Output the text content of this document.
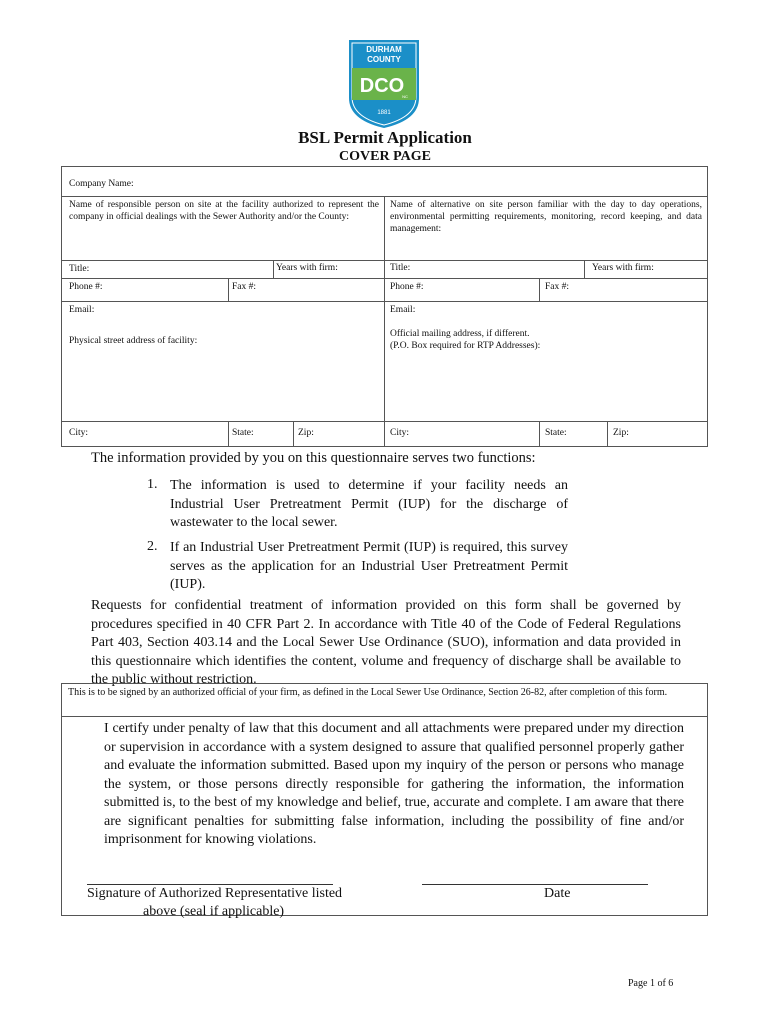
DURHAM
COUNTY
DCO
NC
1881
BSL Permit Application
COVER PAGE
Company Name:
Name of responsible person on site at the facility authorized to represent the company in official dealings with the Sewer Authority and/or the County:
Name of alternative on site person familiar with the day to day operations, environmental permitting requirements, monitoring, record keeping, and data management:
Title:	Years with firm:
Phone #:	Fax #:
Email:
Physical street address of facility:
City:	State:	Zip:
Title:	Years with firm:
Phone #:	Fax #:
Email:
Official mailing address, if different.
(P.O. Box required for RTP Addresses):
City:	State:	Zip:
The information provided by you on this questionnaire serves two functions:
1. The information is used to determine if your facility needs an Industrial User Pretreatment Permit (IUP) for the discharge of wastewater to the local sewer.
2. If an Industrial User Pretreatment Permit (IUP) is required, this survey serves as the application for an Industrial User Pretreatment Permit (IUP).
Requests for confidential treatment of information provided on this form shall be governed by procedures specified in 40 CFR Part 2. In accordance with Title 40 of the Code of Federal Regulations Part 403, Section 403.14 and the Local Sewer Use Ordinance (SUO), information and data provided in this questionnaire which identifies the content, volume and frequency of discharge shall be available to the public without restriction.
This is to be signed by an authorized official of your firm, as defined in the Local Sewer Use Ordinance, Section 26-82, after completion of this form.
I certify under penalty of law that this document and all attachments were prepared under my direction or supervision in accordance with a system designed to assure that qualified personnel properly gather and evaluate the information submitted. Based upon my inquiry of the person or persons who manage the system, or those persons directly responsible for gathering the information, the information submitted is, to the best of my knowledge and belief, true, accurate and complete. I am aware that there are significant penalties for submitting false information, including the possibility of fine and/or imprisonment for knowing violations.
Signature of Authorized Representative listed
above (seal if applicable)
Date
Page 1 of 6
